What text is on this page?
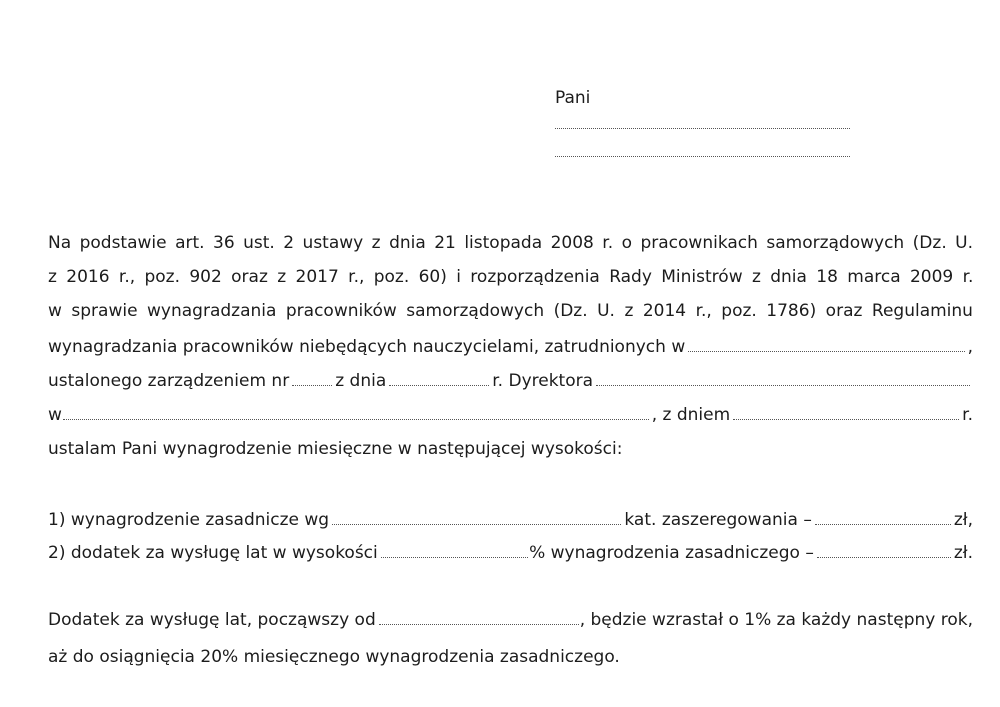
Pani
Na podstawie art. 36 ust. 2 ustawy z dnia 21 listopada 2008 r. o pracownikach samorządowych (Dz. U.
z 2016 r., poz. 902 oraz z 2017 r., poz. 60) i rozporządzenia Rady Ministrów z dnia 18 marca 2009 r.
w sprawie wynagradzania pracowników samorządowych (Dz. U. z 2014 r., poz. 1786) oraz Regulaminu
wynagradzania pracowników niebędących nauczycielami, zatrudnionych w	,
ustalonego zarządzeniem nr	z dnia	r. Dyrektora
w	, z dniem	r.
ustalam Pani wynagrodzenie miesięczne w następującej wysokości:
1) wynagrodzenie zasadnicze wg	kat. zaszeregowania –	zł,
2) dodatek za wysługę lat w wysokości	% wynagrodzenia zasadniczego –	zł.
Dodatek za wysługę lat, począwszy od	, będzie wzrastał o 1% za każdy następny rok,
aż do osiągnięcia 20% miesięcznego wynagrodzenia zasadniczego.
